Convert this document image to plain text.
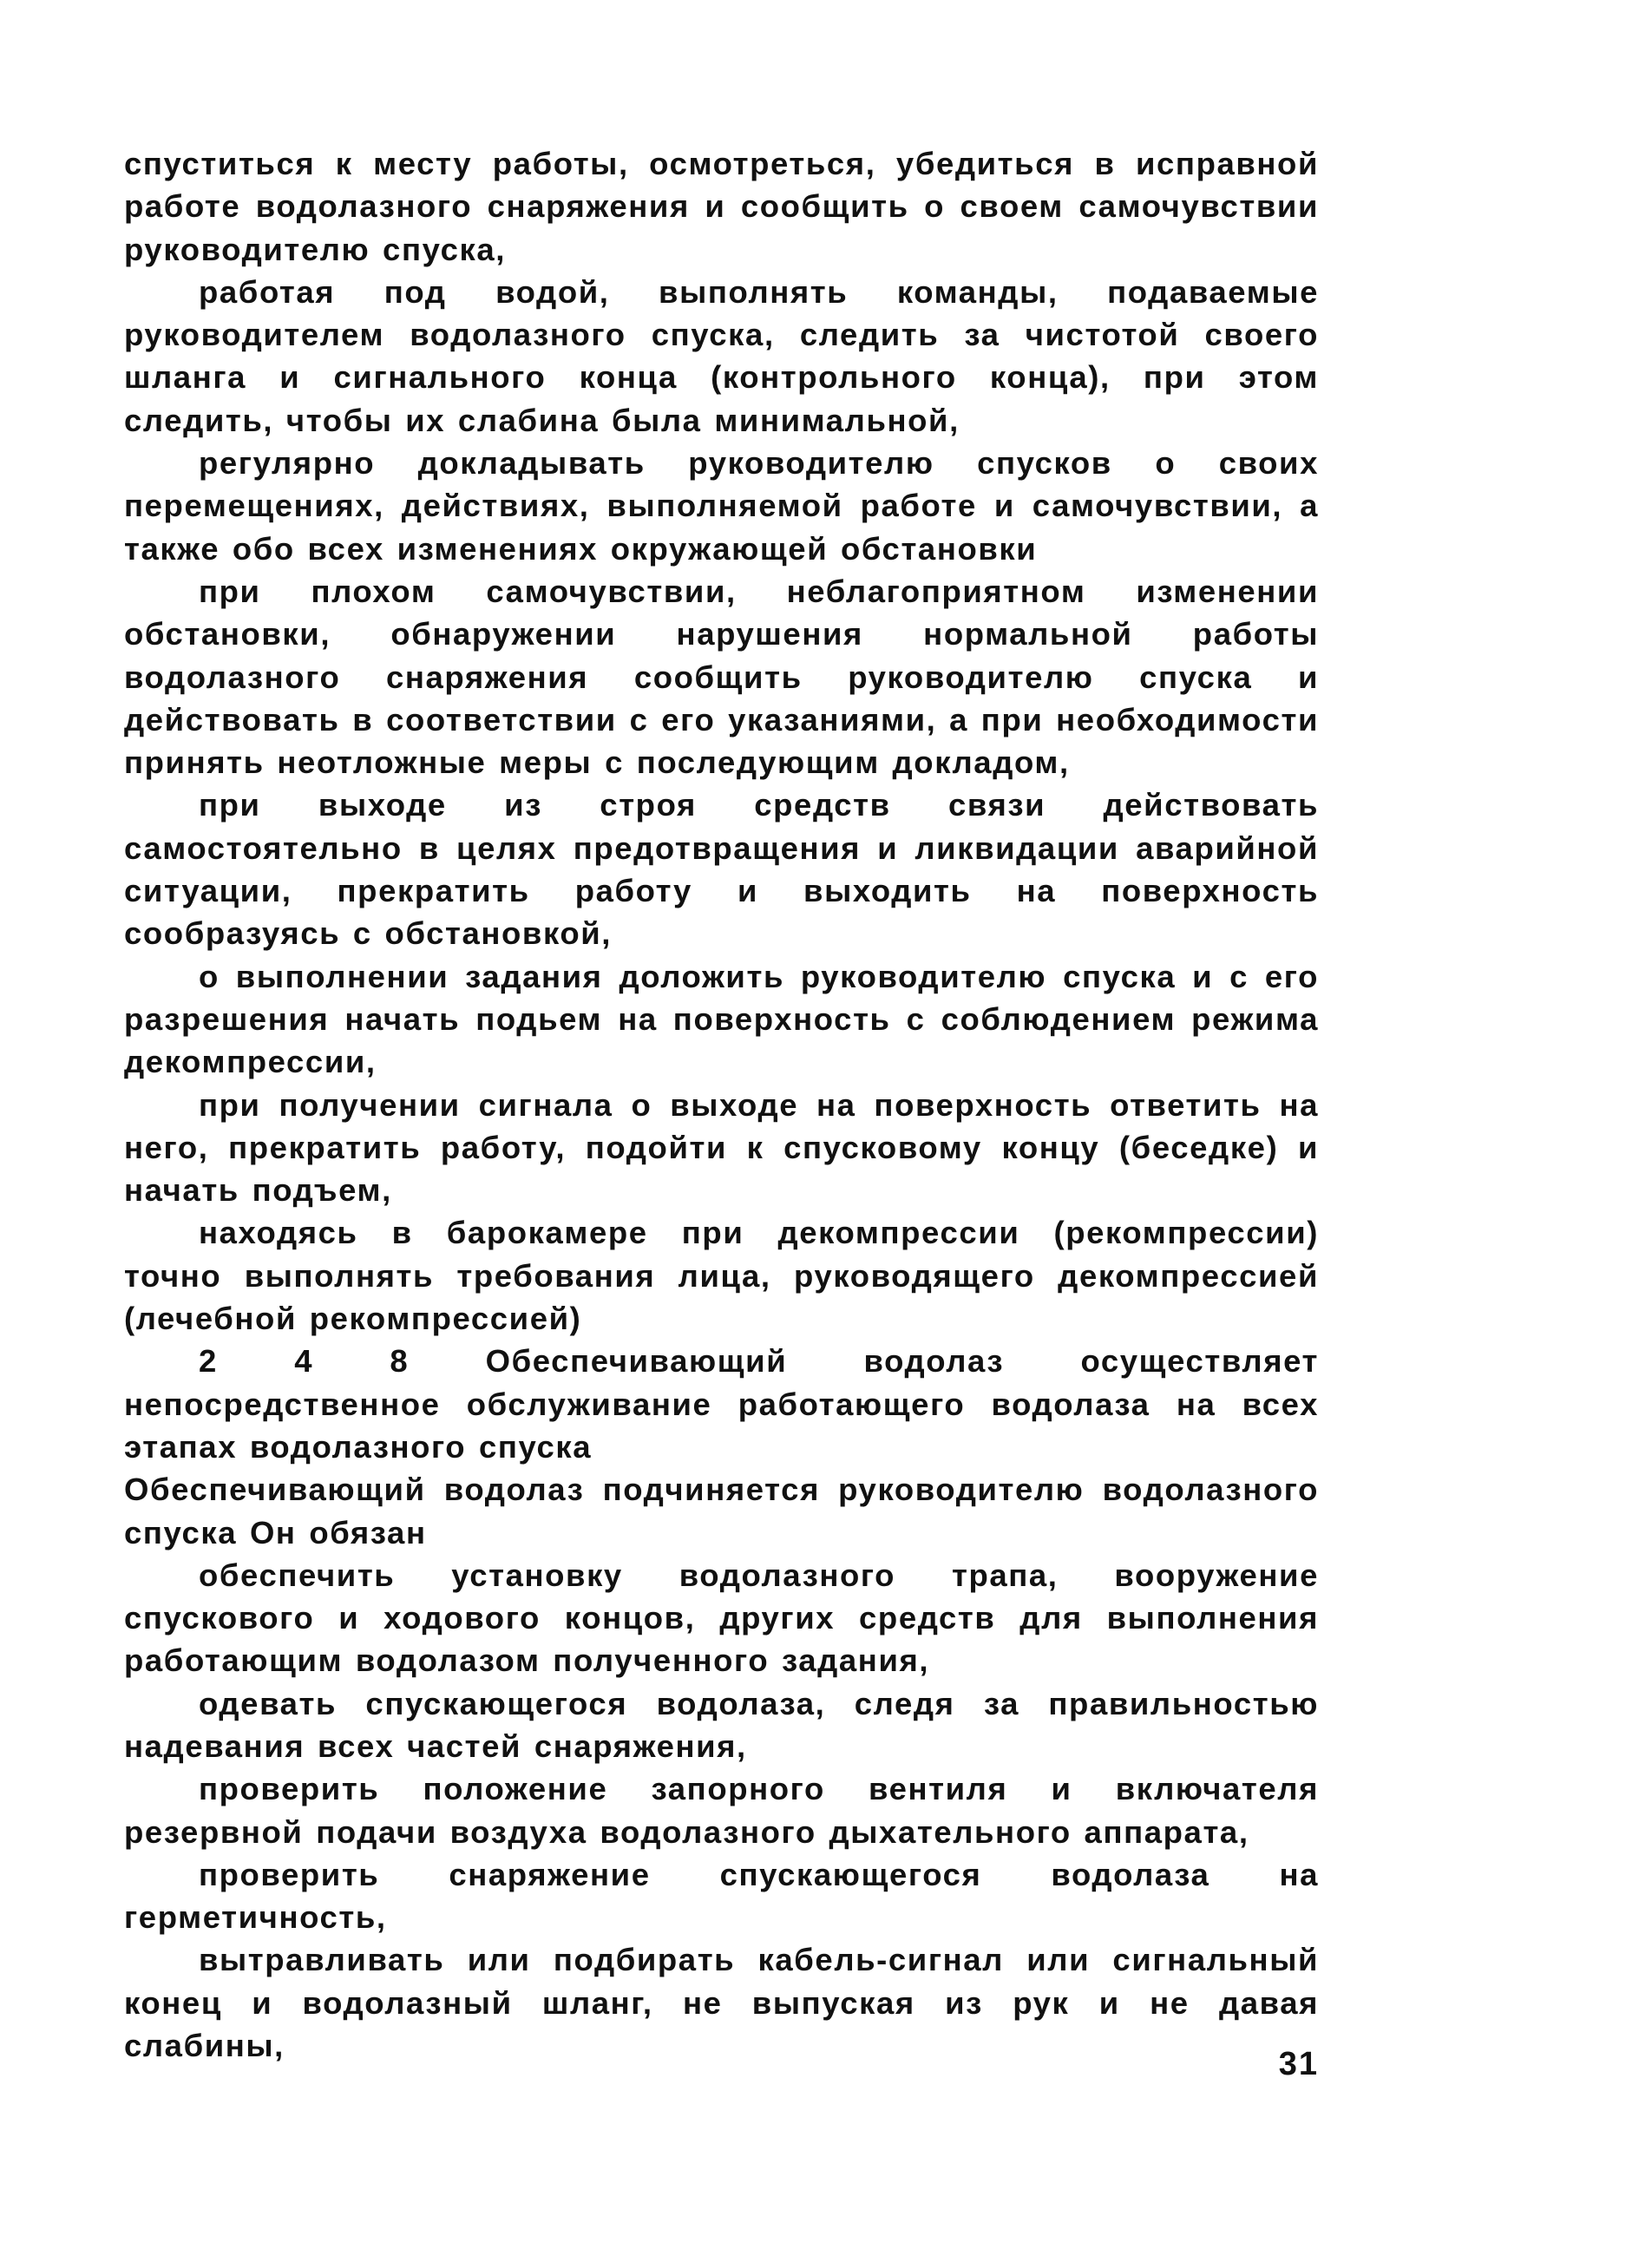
спуститься к месту работы, осмотреться, убедиться в исправной работе водолазного снаряжения и сообщить о своем самочувствии руководителю спуска,

работая под водой, выполнять команды, подаваемые руководителем водолазного спуска, следить за чистотой своего шланга и сигнального конца (контрольного конца), при этом следить, чтобы их слабина была минимальной,

регулярно докладывать руководителю спусков о своих перемещениях, действиях, выполняемой работе и самочувствии, а также обо всех изменениях окружающей обстановки

при плохом самочувствии, неблагоприятном изменении обстановки, обнаружении нарушения нормальной работы водолазного снаряжения сообщить руководителю спуска и действовать в соответствии с его указаниями, а при необходимости принять неотложные меры с последующим докладом,

при выходе из строя средств связи действовать самостоятельно в целях предотвращения и ликвидации аварийной ситуации, прекратить работу и выходить на поверхность сообразуясь с обстановкой,

о выполнении задания доложить руководителю спуска и с его разрешения начать подьем на поверхность с соблюдением режима декомпрессии,

при получении сигнала о выходе на поверхность ответить на него, прекратить работу, подойти к спусковому концу (беседке) и начать подъем,

находясь в барокамере при декомпрессии (рекомпрессии) точно выполнять требования лица, руководящего декомпрессией (лечебной рекомпрессией)

2 4 8 Обеспечивающий водолаз осуществляет непосредственное обслуживание работающего водолаза на всех этапах водолазного спуска

Обеспечивающий водолаз подчиняется руководителю водолазного спуска Он обязан

обеспечить установку водолазного трапа, вооружение спускового и ходового концов, других средств для выполнения работающим водолазом полученного задания,

одевать спускающегося водолаза, следя за правильностью надевания всех частей снаряжения,

проверить положение запорного вентиля и включателя резервной подачи воздуха водолазного дыхательного аппарата,

проверить снаряжение спускающегося водолаза на герметичность,

вытравливать или подбирать кабель-сигнал или сигнальный конец и водолазный шланг, не выпуская из рук и не давая слабины,

31
